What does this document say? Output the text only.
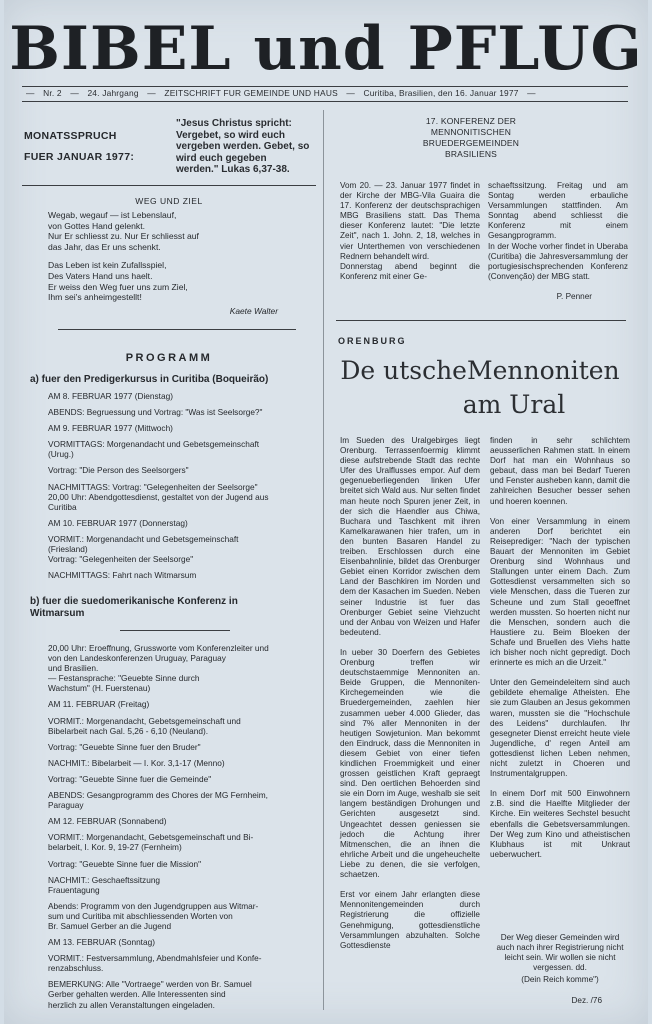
BIBEL und PFLUG
— Nr. 2 — 24. Jahrgang — ZEITSCHRIFT FUR GEMEINDE UND HAUS — Curitiba, Brasilien, den 16. Januar 1977 —
MONATSSPRUCH
FUER JANUAR 1977:
"Jesus Christus spricht: Vergebet, so wird euch vergeben werden. Gebet, so wird euch gegeben werden." Lukas 6,37-38.
17. KONFERENZ DER
MENNONITISCHEN
BRUEDERGEMEINDEN
BRASILIENS
Vom 20. — 23. Januar 1977 findet in der Kirche der MBG-Vila Guaira die 17. Konferenz der deutschsprachigen MBG Brasiliens statt. Das Thema dieser Konferenz lautet: "Die letzte Zeit", nach 1. John. 2, 18, welches in vier Unterthemen von verschiedenen Rednern behandelt wird.
Donnerstag abend beginnt die Konferenz mit einer Ge-
schaeftssitzung. Freitag und am Sontag werden erbauliche Versammlungen stattfinden. Am Sonntag abend schliesst die Konferenz mit einem Gesangprogramm.
In der Woche vorher findet in Uberaba (Curitiba) die Jahresversammlung der portugiesischsprechenden Konferenz (Convenção) der MBG statt.
P. Penner
WEG UND ZIEL

Wegab, wegauf — ist Lebenslauf,
von Gottes Hand gelenkt.
Nur Er schliesst zu. Nur Er schliesst auf
das Jahr, das Er uns schenkt.

Das Leben ist kein Zufallsspiel,
Des Vaters Hand uns haelt.
Er weiss den Weg fuer uns zum Ziel,
Ihm sei's anheimgestellt!

Kaete Walter
PROGRAMM
a) fuer den Predigerkursus in Curitiba (Boqueirão)
AM 8. FEBRUAR 1977 (Dienstag)
ABENDS: Begruessung und Vortrag: "Was ist Seelsorge?"
AM 9. FEBRUAR 1977 (Mittwoch)
VORMITTAGS: Morgenandacht und Gebetsgemeinschaft
(Urug.)
Vortrag: "Die Person des Seelsorgers"
NACHMITTAGS: Vortrag: "Gelegenheiten der Seelsorge"
20,00 Uhr: Abendgottesdienst, gestaltet von der Jugend aus
Curitiba
AM 10. FEBRUAR 1977 (Donnerstag)
VORMIT.: Morgenandacht und Gebetsgemeinschaft
(Friesland)
Vortrag: "Gelegenheiten der Seelsorge"
NACHMITTAGS: Fahrt nach Witmarsum
b) fuer die suedomerikanische Konferenz in
Witmarsum
20,00 Uhr: Eroeffnung, Grussworte vom Konferenzleiter und
von den Landeskonferenzen Uruguay, Paraguay
und Brasilien.
— Festansprache: "Geuebte Sinne durch
Wachstum" (H. Fuerstenau)
AM 11. FEBRUAR (Freitag)
VORMIT.: Morgenandacht, Gebetsgemeinschaft und
Bibelarbeit nach Gal. 5,26 - 6,10 (Neuland).
Vortrag: "Geuebte Sinne fuer den Bruder"
NACHMIT.: Bibelarbeit — I. Kor. 3,1-17 (Menno)
Vortrag: "Geuebte Sinne fuer die Gemeinde"
ABENDS: Gesangprogramm des Chores der MG Fernheim,
Paraguay
AM 12. FEBRUAR (Sonnabend)
VORMIT.: Morgenandacht, Gebetsgemeinschaft und Bi-
belarbeit, I. Kor. 9, 19-27 (Fernheim)
Vortrag: "Geuebte Sinne fuer die Mission"
NACHMIT.: Geschaeftssitzung
Frauentagung
Abends: Programm von den Jugendgruppen aus Witmar-
sum und Curitiba mit abschliessenden Worten von
Br. Samuel Gerber an die Jugend
AM 13. FEBRUAR (Sonntag)
VORMIT.: Festversammlung, Abendmahlsfeier und Konfe-
renzabschluss.
BEMERKUNG: Alle "Vortraege" werden von Br. Samuel
Gerber gehalten werden. Alle Interessenten sind
herzlich zu allen Veranstaltungen eingeladen.
ORENBURG
De utscheMennoniten
am Ural
Im Sueden des Uralgebirges liegt Orenburg. Terrassenfoermig klimmt diese aufstrebende Stadt das rechte Ufer des Uralflusses empor. Auf dem gegenueberliegenden linken Ufer breitet sich Wald aus. Nur selten findet man heute noch Spuren jener Zeit, in der sich die Haendler aus Chiwa, Buchara und Taschkent mit ihren Kamelkarawanen hier trafen, um in den bunten Basaren Handel zu treiben. Erschlossen durch eine Eisenbahnlinie, bildet das Orenburger Gebiet einen Korridor zwischen dem Land der Baschkiren im Norden und dem der Kasachen im Sueden. Neben seiner Industrie ist fuer das Orenburger Gebiet seine Viehzucht und der Anbau von Weizen und Hafer bedeutend.

In ueber 30 Doerfern des Gebietes Orenburg treffen wir deutschstaemmige Mennoniten an. Beide Gruppen, die Mennoniten-Kirchegemeinden wie die Bruedergemeinden, zaehlen hier zusammen ueber 4.000 Glieder, das sind 7% aller Mennoniten in der heutigen Sowjetunion. Man bekommt den Eindruck, dass die Mennoniten in diesem Gebiet von einer tiefen kindlichen Froemmigkeit und einer grossen geistlichen Kraft gepraegt sind. Den oertlichen Behoerden sind sie ein Dorn im Auge, weshalb sie seit langem beständigen Drohungen und Gerichten ausgesetzt sind. Ungeachtet dessen geniessen sie jedoch die Achtung ihrer Mitmenschen, die an ihnen die ehrliche Arbeit und die ungeheuchelte Liebe zu denen, die sie verfolgen, schaetzen.

Erst vor einem Jahr erlangten diese Mennonitengemeinden durch Registrierung die offizielle Genehmigung, gottesdienstliche Versammlungen abzuhalten. Solche Gottesdienste
finden in sehr schlichtem aeusserlichen Rahmen statt. In einem Dorf hat man ein Wohnhaus so gebaut, dass man bei Bedarf Tueren und Fenster ausheben kann, damit die zahlreichen Besucher besser sehen und hoeren koennen.

Von einer Versammlung in einem anderen Dorf berichtet ein Reiseprediger: "Nach der typischen Bauart der Mennoniten im Gebiet Orenburg sind Wohnhaus und Stallungen unter einem Dach. Zum Gottesdienst versammelten sich so viele Menschen, dass die Tueren zur Scheune und zum Stall geoeffnet werden mussten. So hoerten nicht nur die Menschen, sondern auch die Haustiere zu. Beim Bloeken der Schafe und Bruellen des Viehs hatte ich bisher noch nicht gepredigt. Doch erinnerte es mich an die Urzeit."

Unter den Gemeindeleitern sind auch gebildete ehemalige Atheisten. Ehe sie zum Glauben an Jesus gekommen waren, mussten sie die "Hochschule des Leidens" durchlaufen. Ihr gesegneter Dienst erreicht heute viele Jugendliche, d' regen Anteil am gottesdienst lichen Leben nehmen, nicht zuletzt in Choeren und Instrumentalgruppen.

In einem Dorf mit 500 Einwohnern z.B. sind die Haelfte Mitglieder der Kirche. Ein weiteres Sechstel besucht ebenfalls die Gebetsversammlungen. Der Weg zum Kino und atheistischen Klubhaus ist mit Unkraut ueberwuchert.
Der Weg dieser Gemeinden wird auch nach ihrer Registrierung nicht leicht sein. Wir wollen sie nicht vergessen. dd.
(Dein Reich komme")
Dez. /76
